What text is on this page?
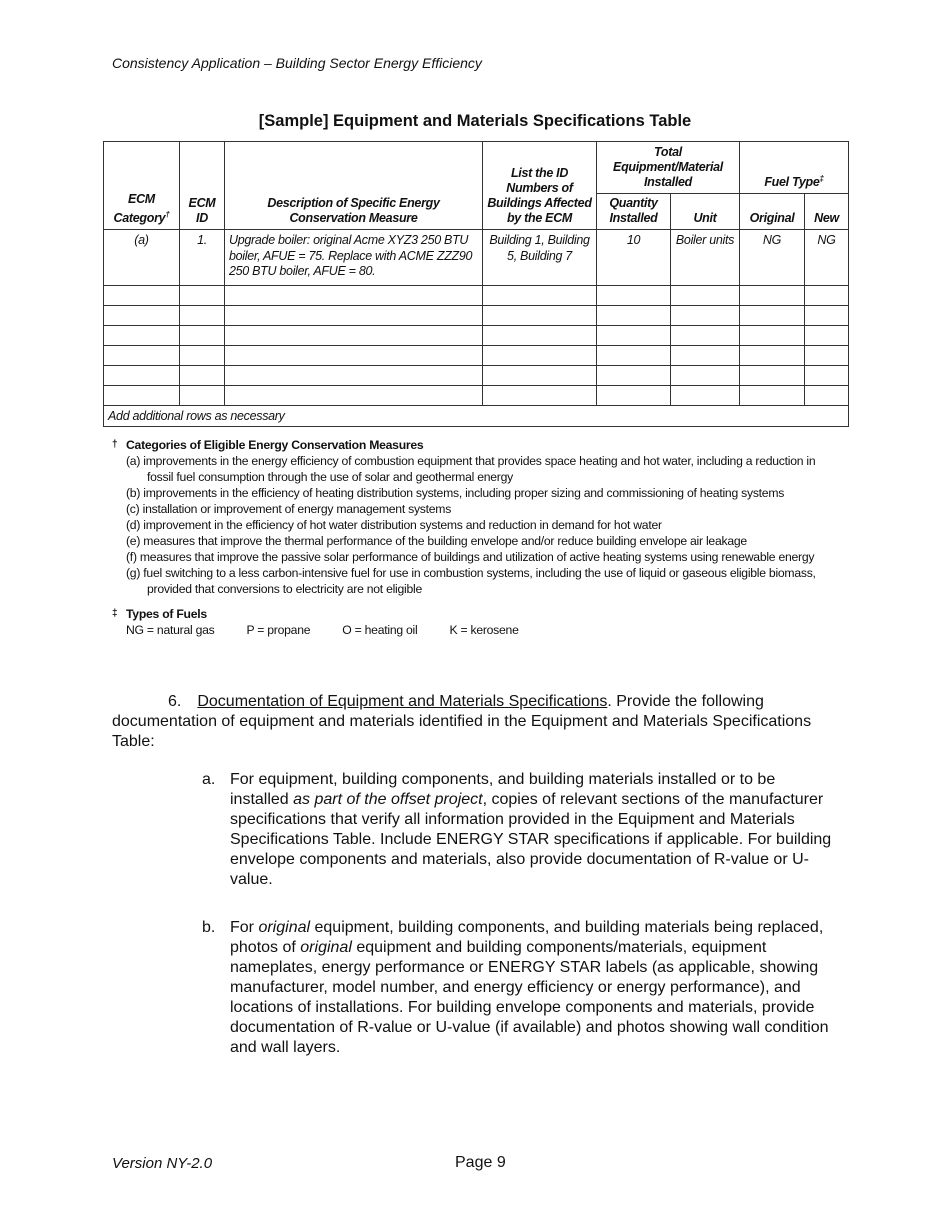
Consistency Application – Building Sector Energy Efficiency
[Sample] Equipment and Materials Specifications Table
ECM Category†	ECM ID	Description of Specific Energy Conservation Measure	List the ID Numbers of Buildings Affected by the ECM	Total Equipment/Material Installed		Fuel Type‡
				Quantity Installed	Unit	Original	New
(a)	1.	Upgrade boiler: original Acme XYZ3 250 BTU boiler, AFUE = 75. Replace with ACME ZZZ90 250 BTU boiler, AFUE = 80.	Building 1, Building 5, Building 7	10	Boiler units	NG	NG

Add additional rows as necessary							
† Categories of Eligible Energy Conservation Measures
(a) improvements in the energy efficiency of combustion equipment that provides space heating and hot water, including a reduction in fossil fuel consumption through the use of solar and geothermal energy
(b) improvements in the efficiency of heating distribution systems, including proper sizing and commissioning of heating systems
(c) installation or improvement of energy management systems
(d) improvement in the efficiency of hot water distribution systems and reduction in demand for hot water
(e) measures that improve the thermal performance of the building envelope and/or reduce building envelope air leakage
(f) measures that improve the passive solar performance of buildings and utilization of active heating systems using renewable energy
(g) fuel switching to a less carbon-intensive fuel for use in combustion systems, including the use of liquid or gaseous eligible biomass, provided that conversions to electricity are not eligible
‡ Types of Fuels
NG = natural gas	P = propane	O = heating oil	K = kerosene
6. Documentation of Equipment and Materials Specifications. Provide the following documentation of equipment and materials identified in the Equipment and Materials Specifications Table:
a. For equipment, building components, and building materials installed or to be installed as part of the offset project, copies of relevant sections of the manufacturer specifications that verify all information provided in the Equipment and Materials Specifications Table. Include ENERGY STAR specifications if applicable. For building envelope components and materials, also provide documentation of R-value or U-value.
b. For original equipment, building components, and building materials being replaced, photos of original equipment and building components/materials, equipment nameplates, energy performance or ENERGY STAR labels (as applicable, showing manufacturer, model number, and energy efficiency or energy performance), and locations of installations. For building envelope components and materials, provide documentation of R-value or U-value (if available) and photos showing wall condition and wall layers.
Version NY-2.0	Page 9
